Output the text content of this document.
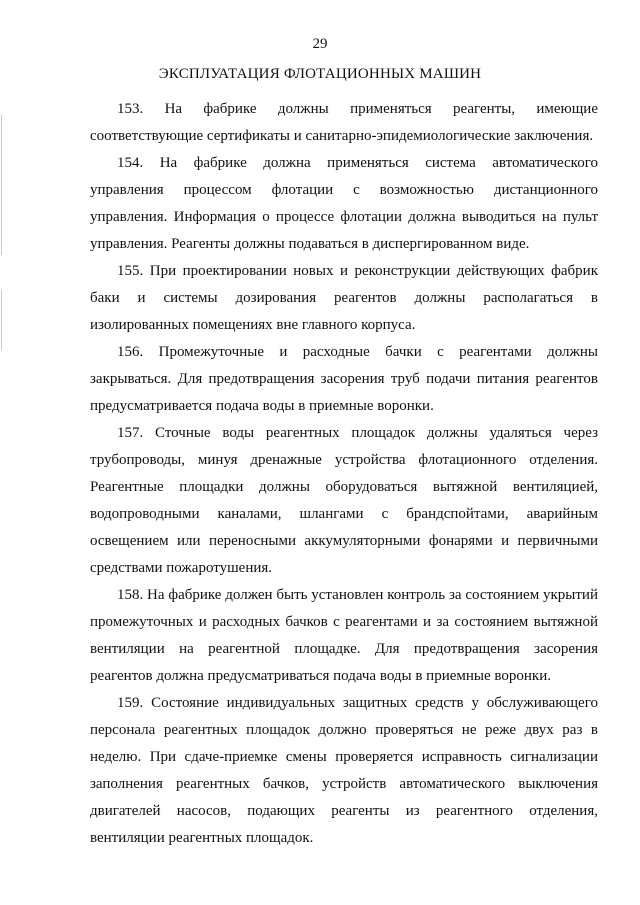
29
ЭКСПЛУАТАЦИЯ ФЛОТАЦИОННЫХ МАШИН

153. На фабрике должны применяться реагенты, имеющие соответствующие сертификаты и санитарно-эпидемиологические заключения.

154. На фабрике должна применяться система автоматического управления процессом флотации с возможностью дистанционного управления. Информация о процессе флотации должна выводиться на пульт управления. Реагенты должны подаваться в диспергированном виде.

155. При проектировании новых и реконструкции действующих фабрик баки и системы дозирования реагентов должны располагаться в изолированных помещениях вне главного корпуса.

156. Промежуточные и расходные бачки с реагентами должны закрываться. Для предотвращения засорения труб подачи питания реагентов предусматривается подача воды в приемные воронки.

157. Сточные воды реагентных площадок должны удаляться через трубопроводы, минуя дренажные устройства флотационного отделения. Реагентные площадки должны оборудоваться вытяжной вентиляцией, водопроводными каналами, шлангами с брандспойтами, аварийным освещением или переносными аккумуляторными фонарями и первичными средствами пожаротушения.

158. На фабрике должен быть установлен контроль за состоянием укрытий промежуточных и расходных бачков с реагентами и за состоянием вытяжной вентиляции на реагентной площадке. Для предотвращения засорения реагентов должна предусматриваться подача воды в приемные воронки.

159. Состояние индивидуальных защитных средств у обслуживающего персонала реагентных площадок должно проверяться не реже двух раз в неделю. При сдаче-приемке смены проверяется исправность сигнализации заполнения реагентных бачков, устройств автоматического выключения двигателей насосов, подающих реагенты из реагентного отделения, вентиляции реагентных площадок.
